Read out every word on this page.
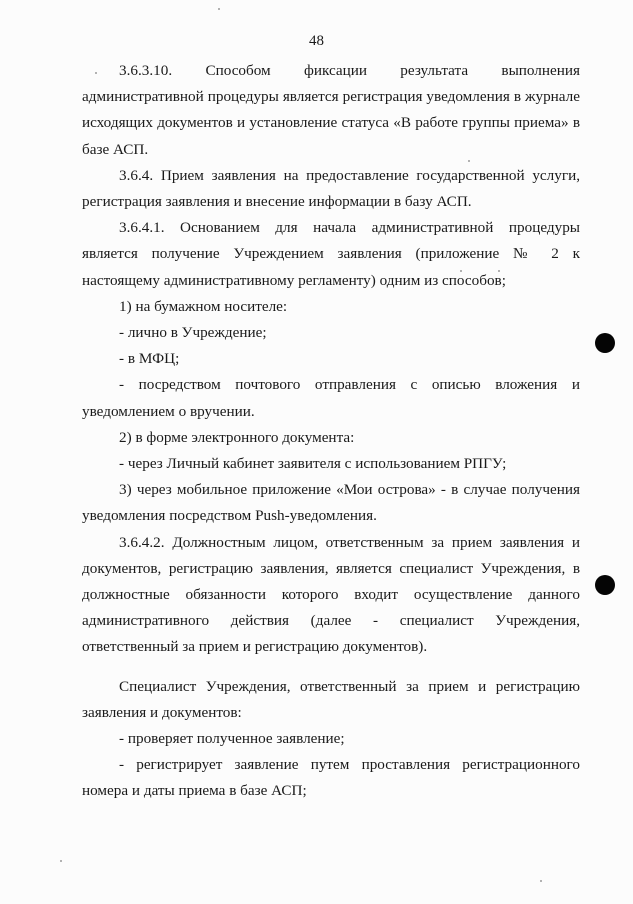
48

3.6.3.10. Способом фиксации результата выполнения административной процедуры является регистрация уведомления в журнале исходящих документов и установление статуса «В работе группы приема» в базе АСП.

3.6.4. Прием заявления на предоставление государственной услуги, регистрация заявления и внесение информации в базу АСП.

3.6.4.1. Основанием для начала административной процедуры является получение Учреждением заявления (приложение № 2 к настоящему административному регламенту) одним из способов;

1) на бумажном носителе:

- лично в Учреждение;

- в МФЦ;

- посредством почтового отправления с описью вложения и уведомлением о вручении.

2) в форме электронного документа:

- через Личный кабинет заявителя с использованием РПГУ;

3) через мобильное приложение «Мои острова» - в случае получения уведомления посредством Push-уведомления.

3.6.4.2. Должностным лицом, ответственным за прием заявления и документов, регистрацию заявления, является специалист Учреждения, в должностные обязанности которого входит осуществление данного административного действия (далее - специалист Учреждения, ответственный за прием и регистрацию документов).

Специалист Учреждения, ответственный за прием и регистрацию заявления и документов:

- проверяет полученное заявление;

- регистрирует заявление путем проставления регистрационного номера и даты приема в базе АСП;
